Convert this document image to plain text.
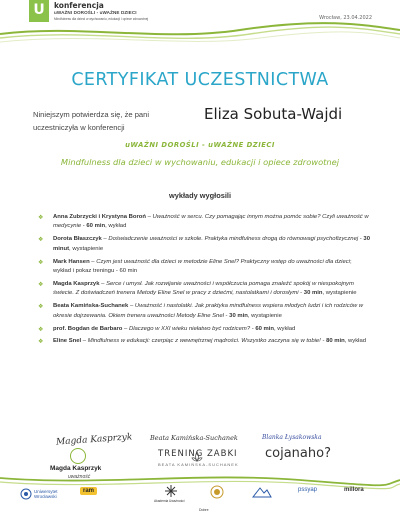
U	konferencja
uWAŻNI DOROŚLI - uWAŻNE DZIECI
Mindfulness dla dzieci w wychowaniu, edukacji i opiece zdrowotnej	Wrocław, 23.04.2022
CERTYFIKAT UCZESTNICTWA
Niniejszym potwierdza się, że pani uczestniczyła w konferencji
Eliza Sobuta-Wajdi
uWAŻNI DOROŚLI - uWAŻNE DZIECI
Mindfulness dla dzieci w wychowaniu, edukacji i opiece zdrowotnej
wykłady wygłosili
❖ Anna Zubrzycki i Krystyna Boroń – Uważność w sercu. Czy pomagając innym można pomóc sobie? Czyli uważność w medycynie - 60 min, wykład
❖ Dorota Błaszczyk – Doświadczenie uważności w szkole. Praktyka mindfulness drogą do równowagi psychofizycznej - 30 minut, wystąpienie
❖ Mark Hansen – Czym jest uważność dla dzieci w metodzie Eline Snel? Praktyczny wstęp do uważności dla dzieci; wykład i pokaz treningu - 60 min
❖ Magda Kasprzyk – Serce i umysł. Jak rozwijanie uważności i współczucia pomaga znaleźć spokój w niespokojnym świecie. Z doświadczeń trenera Metody Eline Snel w pracy z dziećmi, nastolatkami i dorosłymi - 30 min, wystąpienie
❖ Beata Kamińska-Suchanek – Uważność i nastolatki. Jak praktyka mindfulness wspiera młodych ludzi i ich rodziców w okresie dojrzewania. Okiem trenera uważności Metody Eline Snel - 30 min, wystąpienie
❖ prof. Bogdan de Barbaro – Dlaczego w XXI wieku niełatwo być rodzicem? - 60 min, wykład
❖ Eline Snel – Mindfulness w edukacji: czerpiąc z wewnętrznej mądrości. Wszystko zaczyna się w tobie! - 80 min, wykład
Magda Kasprzyk	Beata Kamińska-Suchanek	Blanka Łysakowska
Magda Kasprzyk
uważność
TRENING ZABKI
BEATA KAMIŃSKA-SUCHANEK
cojanaho?
Uniwersytet Wrocławski
ram
Akademia Uważności
pssyap	millora
Dobre
